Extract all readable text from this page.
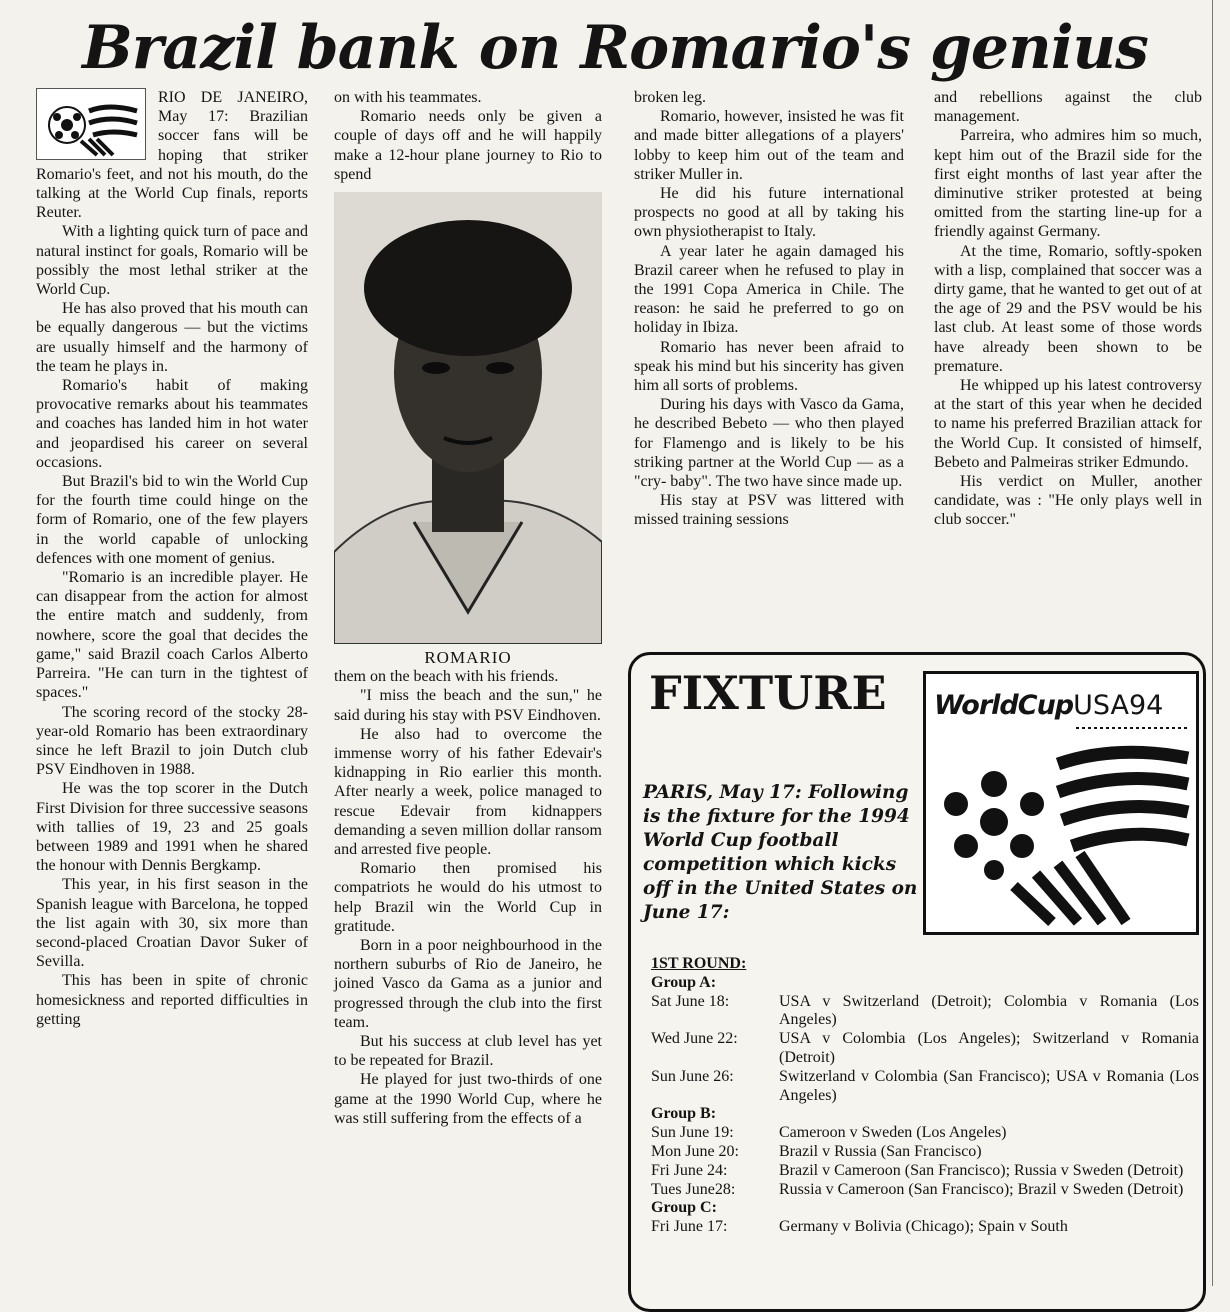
Brazil bank on Romario's genius

RIO DE JANEIRO, May 17: Brazilian soccer fans will be hoping that striker Romario's feet, and not his mouth, do the talking at the World Cup finals, reports Reuter.

With a lighting quick turn of pace and natural instinct for goals, Romario will be possibly the most lethal striker at the World Cup.

He has also proved that his mouth can be equally dangerous — but the victims are usually himself and the harmony of the team he plays in.

Romario's habit of making provocative remarks about his teammates and coaches has landed him in hot water and jeopardised his career on several occasions.

But Brazil's bid to win the World Cup for the fourth time could hinge on the form of Romario, one of the few players in the world capable of unlocking defences with one moment of genius.

"Romario is an incredible player. He can disappear from the action for almost the entire match and suddenly, from nowhere, score the goal that decides the game," said Brazil coach Carlos Alberto Parreira. "He can turn in the tightest of spaces."

The scoring record of the stocky 28-year-old Romario has been extraordinary since he left Brazil to join Dutch club PSV Eindhoven in 1988.

He was the top scorer in the Dutch First Division for three successive seasons with tallies of 19, 23 and 25 goals between 1989 and 1991 when he shared the honour with Dennis Bergkamp.

This year, in his first season in the Spanish league with Barcelona, he topped the list again with 30, six more than second-placed Croatian Davor Suker of Sevilla.

This has been in spite of chronic homesickness and reported difficulties in getting

on with his teammates.

Romario needs only be given a couple of days off and he will happily make a 12-hour plane journey to Rio to spend

ROMARIO

them on the beach with his friends.

"I miss the beach and the sun," he said during his stay with PSV Eindhoven.

He also had to overcome the immense worry of his father Edevair's kidnapping in Rio earlier this month. After nearly a week, police managed to rescue Edevair from kidnappers demanding a seven million dollar ransom and arrested five people.

Romario then promised his compatriots he would do his utmost to help Brazil win the World Cup in gratitude.

Born in a poor neighbourhood in the northern suburbs of Rio de Janeiro, he joined Vasco da Gama as a junior and progressed through the club into the first team.

But his success at club level has yet to be repeated for Brazil.

He played for just two-thirds of one game at the 1990 World Cup, where he was still suffering from the effects of a

broken leg.

Romario, however, insisted he was fit and made bitter allegations of a players' lobby to keep him out of the team and striker Muller in.

He did his future international prospects no good at all by taking his own physiotherapist to Italy.

A year later he again damaged his Brazil career when he refused to play in the 1991 Copa America in Chile. The reason: he said he preferred to go on holiday in Ibiza.

Romario has never been afraid to speak his mind but his sincerity has given him all sorts of problems.

During his days with Vasco da Gama, he described Bebeto — who then played for Flamengo and is likely to be his striking partner at the World Cup — as a "cry- baby". The two have since made up.

His stay at PSV was littered with missed training sessions

and rebellions against the club management.

Parreira, who admires him so much, kept him out of the Brazil side for the first eight months of last year after the diminutive striker protested at being omitted from the starting line-up for a friendly against Germany.

At the time, Romario, softly-spoken with a lisp, complained that soccer was a dirty game, that he wanted to get out of at the age of 29 and the PSV would be his last club. At least some of those words have already been shown to be premature.

He whipped up his latest controversy at the start of this year when he decided to name his preferred Brazilian attack for the World Cup. It consisted of himself, Bebeto and Palmeiras striker Edmundo.

His verdict on Muller, another candidate, was : "He only plays well in club soccer."

FIXTURE WorldCupUSA94

PARIS, May 17: Following is the fixture for the 1994 World Cup football competition which kicks off in the United States on June 17:

1ST ROUND:

Group A:

Sat June 18:	USA v Switzerland (Detroit); Colombia v Romania (Los Angeles)
Wed June 22:	USA v Colombia (Los Angeles); Switzerland v Romania (Detroit)
Sun June 26:	Switzerland v Colombia (San Francisco); USA v Romania (Los Angeles)

Group B:

Sun June 19:	Cameroon v Sweden (Los Angeles)
Mon June 20:	Brazil v Russia (San Francisco)
Fri June 24:	Brazil v Cameroon (San Francisco); Russia v Sweden (Detroit)
Tues June28:	Russia v Cameroon (San Francisco); Brazil v Sweden (Detroit)

Group C:

Fri June 17:	Germany v Bolivia (Chicago); Spain v South
